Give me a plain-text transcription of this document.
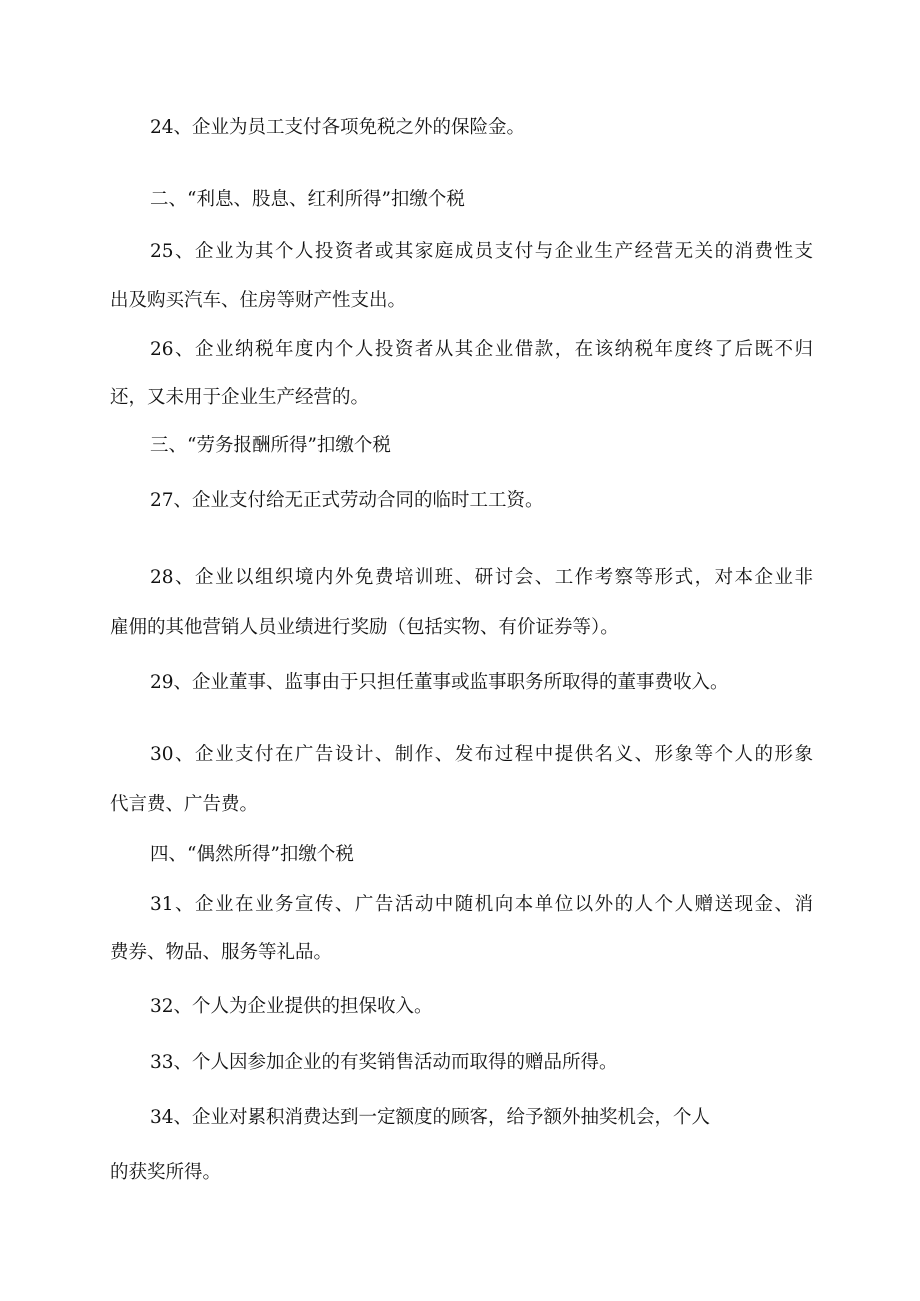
24、企业为员工支付各项免税之外的保险金。
二、“利息、股息、红利所得”扣缴个税
25、企业为其个人投资者或其家庭成员支付与企业生产经营无关的消费性支
出及购买汽车、住房等财产性支出。
26、企业纳税年度内个人投资者从其企业借款，在该纳税年度终了后既不归
还，又未用于企业生产经营的。
三、“劳务报酬所得”扣缴个税
27、企业支付给无正式劳动合同的临时工工资。
28、企业以组织境内外免费培训班、研讨会、工作考察等形式，对本企业非
雇佣的其他营销人员业绩进行奖励（包括实物、有价证券等）。
29、企业董事、监事由于只担任董事或监事职务所取得的董事费收入。
30、企业支付在广告设计、制作、发布过程中提供名义、形象等个人的形象
代言费、广告费。
四、“偶然所得”扣缴个税
31、企业在业务宣传、广告活动中随机向本单位以外的人个人赠送现金、消
费券、物品、服务等礼品。
32、个人为企业提供的担保收入。
33、个人因参加企业的有奖销售活动而取得的赠品所得。
34、企业对累积消费达到一定额度的顾客，给予额外抽奖机会，个人
的获奖所得。
